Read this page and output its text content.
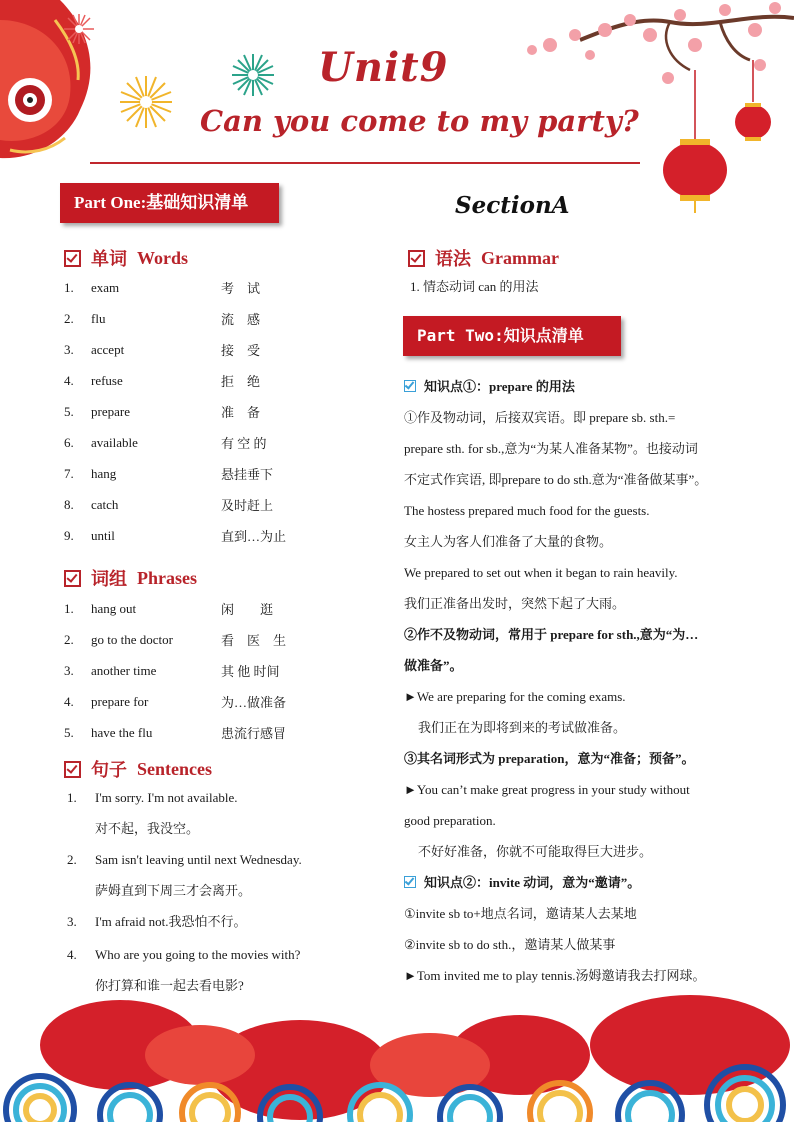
Unit9
Can you come to my party?
Part One:基础知识清单	SectionA
单词 Words
1.	exam	考　试
2.	flu	流　感
3.	accept	接　受
4.	refuse	拒　绝
5.	prepare	准　备
6.	available	有 空 的
7.	hang	悬挂垂下
8.	catch	及时赶上
9.	until	直到…为止
词组 Phrases
1.	hang out	闲　　逛
2.	go to the doctor	看　医　生
3.	another time	其 他 时间
4.	prepare for	为…做准备
5.	have the flu	患流行感冒
句子 Sentences
1. I'm sorry. I'm not available.
对不起，我没空。
2. Sam isn't leaving until next Wednesday.
萨姆直到下周三才会离开。
3. I'm afraid not.我恐怕不行。
4. Who are you going to the movies with?
你打算和谁一起去看电影?
语法 Grammar
1. 情态动词 can 的用法
Part Two:知识点清单
知识点①：prepare 的用法
①作及物动词，后接双宾语。即 prepare sb. sth.=
prepare sth. for sb.,意为“为某人准备某物”。也接动词
不定式作宾语, 即prepare to do sth.意为“准备做某事”。
The hostess prepared much food for the guests.
女主人为客人们准备了大量的食物。
We prepared to set out when it began to rain heavily.
我们正准备出发时，突然下起了大雨。
②作不及物动词，常用于 prepare for sth.,意为“为…
做准备”。
►We are preparing for the coming exams.
我们正在为即将到来的考试做准备。
③其名词形式为 preparation，意为“准备；预备”。
►You can’t make great progress in your study without
good preparation.
不好好准备，你就不可能取得巨大进步。
知识点②：invite 动词，意为“邀请”。
①invite sb to+地点名词，邀请某人去某地
②invite sb to do sth.，邀请某人做某事
►Tom invited me to play tennis.汤姆邀请我去打网球。
